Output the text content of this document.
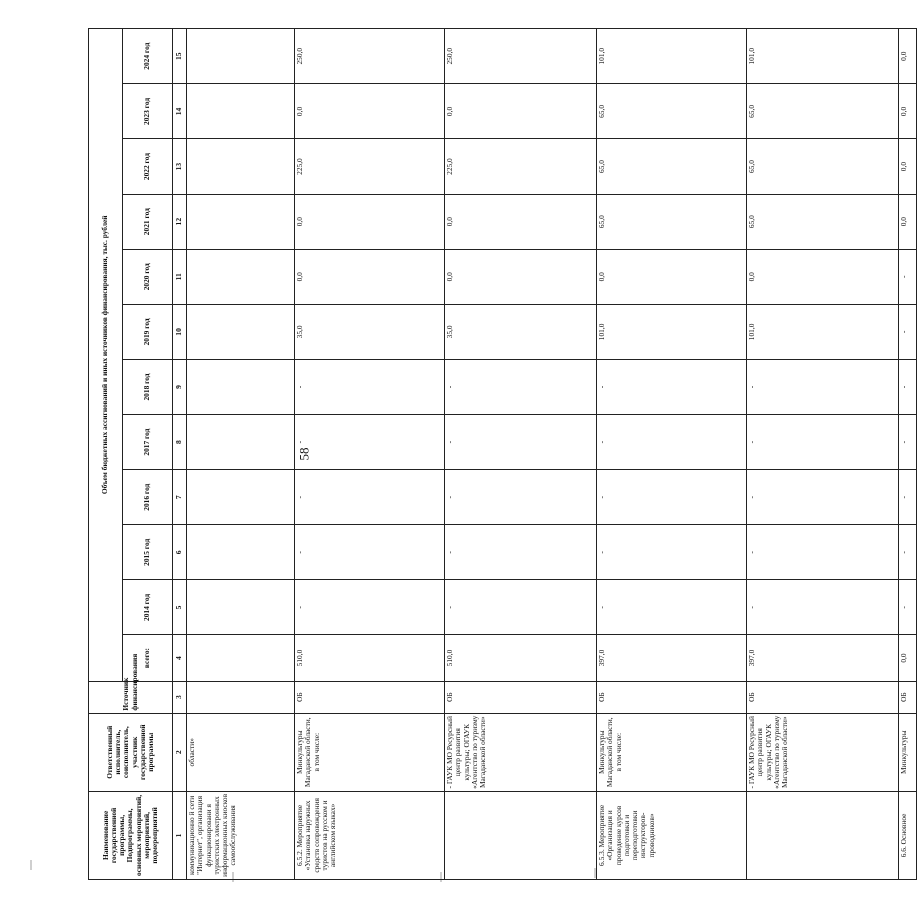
58
Наименование государственной программы, Подпрограммы, основных мероприятий, мероприятий, подмероприятий	Ответственный исполнитель, соисполнитель, участник государственной программы	Источник финансирования	Объем бюджетных ассигнований и иных источников финансирования, тыс. рублей											
			всего:	2014 год	2015 год	2016 год	2017 год	2018 год	2019 год	2020 год	2021 год	2022 год	2023 год	2024 год
1	2	3	4	5	6	7	8	9	10	11	12	13	14	15
коммуникационно й сети "Интернет", организация функционировани я туристских электронных информационных киосков самообслуживания	области»													
6.5.2. Мероприятие «Установка наружных средств сопровождения туристов на русском и английском языках»	Минкультуры Магаданской области, в том числе:	ОБ	510,0	-	-	-	-	-	35,0	0,0	0,0	225,0	0,0	250,0
	- ГАУК МО Ресурсный центр развития культуры; ОГАУК «Агентство по туризму Магаданской области»	ОБ	510,0	-	-	-	-	-	35,0	0,0	0,0	225,0	0,0	250,0
6.5.3. Мероприятие «Организация и проведение курсов подготовки и переподготовки инструкторов-проводников»	Минкультуры Магаданской области, в том числе:	ОБ	397,0	-	-	-	-	-	101,0	0,0	65,0	65,0	65,0	101,0
	- ГАУК МО Ресурсный центр развития культуры; ОГАУК «Агентство по туризму Магаданской области»	ОБ	397,0	-	-	-	-	-	101,0	0,0	65,0	65,0	65,0	101,0
6.6. Основное	Минкультуры	ОБ	0,0	-	-	-	-	-	-	-	0,0	0,0	0,0	0,0
